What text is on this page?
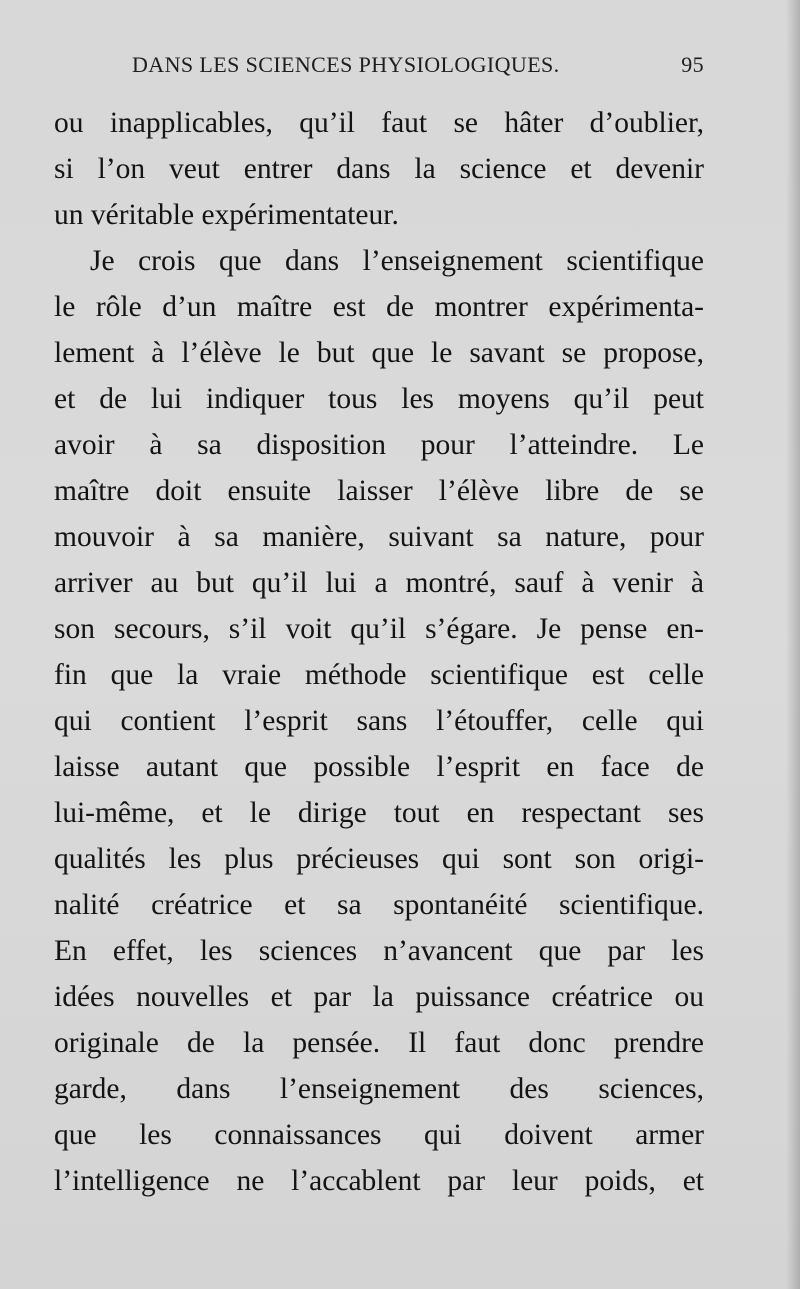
DANS LES SCIENCES PHYSIOLOGIQUES.	95
ou inapplicables, qu’il faut se hâter d’oublier,
si l’on veut entrer dans la science et devenir
un véritable expérimentateur.
Je crois que dans l’enseignement scientifique
le rôle d’un maître est de montrer expérimenta-
lement à l’élève le but que le savant se propose,
et de lui indiquer tous les moyens qu’il peut
avoir à sa disposition pour l’atteindre. Le
maître doit ensuite laisser l’élève libre de se
mouvoir à sa manière, suivant sa nature, pour
arriver au but qu’il lui a montré, sauf à venir à
son secours, s’il voit qu’il s’égare. Je pense en-
fin que la vraie méthode scientifique est celle
qui contient l’esprit sans l’étouffer, celle qui
laisse autant que possible l’esprit en face de
lui-même, et le dirige tout en respectant ses
qualités les plus précieuses qui sont son origi-
nalité créatrice et sa spontanéité scientifique.
En effet, les sciences n’avancent que par les
idées nouvelles et par la puissance créatrice ou
originale de la pensée. Il faut donc prendre
garde, dans l’enseignement des sciences,
que les connaissances qui doivent armer
l’intelligence ne l’accablent par leur poids, et
